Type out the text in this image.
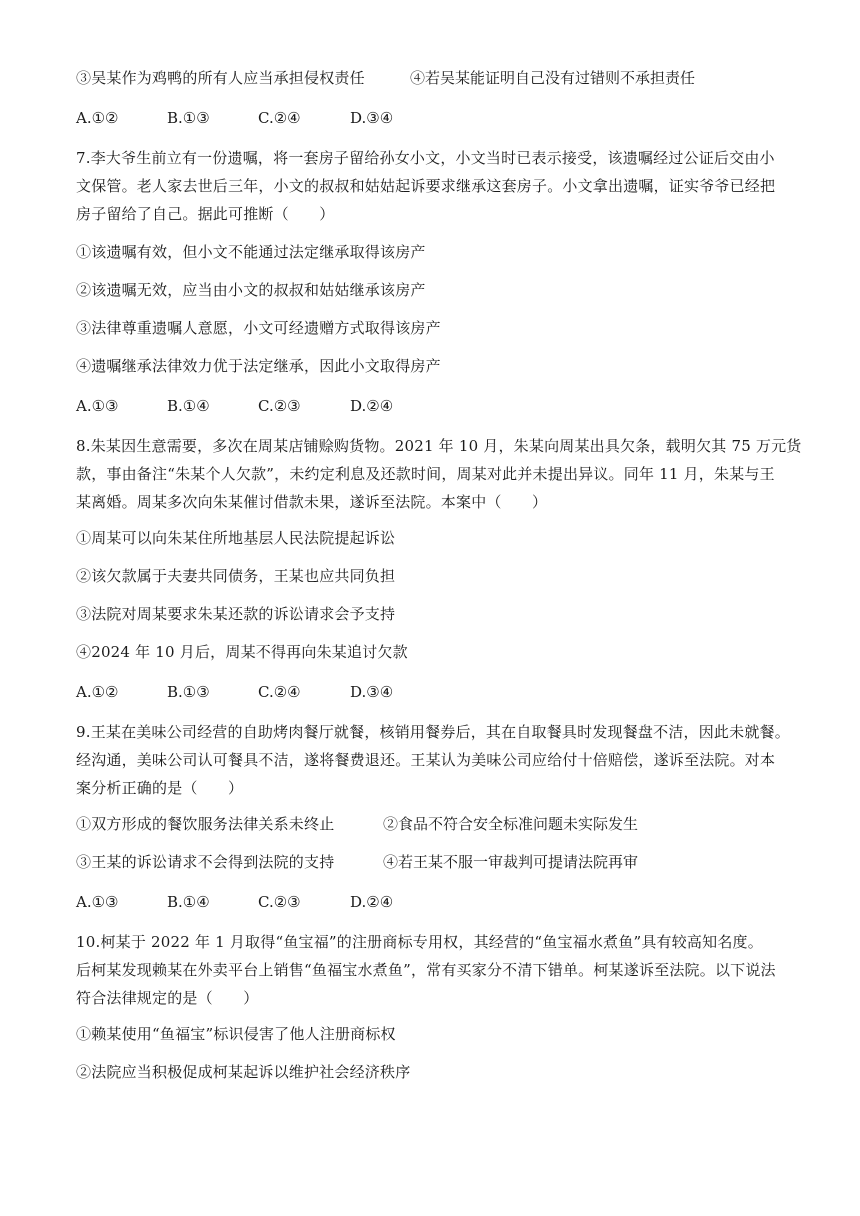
③吴某作为鸡鸭的所有人应当承担侵权责任	④若吴某能证明自己没有过错则不承担责任
A.①②	B.①③	C.②④	D.③④
7.李大爷生前立有一份遗嘱，将一套房子留给孙女小文，小文当时已表示接受，该遗嘱经过公证后交由小
文保管。老人家去世后三年，小文的叔叔和姑姑起诉要求继承这套房子。小文拿出遗嘱，证实爷爷已经把
房子留给了自己。据此可推断（　　）
①该遗嘱有效，但小文不能通过法定继承取得该房产
②该遗嘱无效，应当由小文的叔叔和姑姑继承该房产
③法律尊重遗嘱人意愿，小文可经遗赠方式取得该房产
④遗嘱继承法律效力优于法定继承，因此小文取得房产
A.①③	B.①④	C.②③	D.②④
8.朱某因生意需要，多次在周某店铺赊购货物。2021 年 10 月，朱某向周某出具欠条，载明欠其 75 万元货
款，事由备注“朱某个人欠款”，未约定利息及还款时间，周某对此并未提出异议。同年 11 月，朱某与王
某离婚。周某多次向朱某催讨借款未果，遂诉至法院。本案中（　　）
①周某可以向朱某住所地基层人民法院提起诉讼
②该欠款属于夫妻共同债务，王某也应共同负担
③法院对周某要求朱某还款的诉讼请求会予支持
④2024 年 10 月后，周某不得再向朱某追讨欠款
A.①②	B.①③	C.②④	D.③④
9.王某在美味公司经营的自助烤肉餐厅就餐，核销用餐券后，其在自取餐具时发现餐盘不洁，因此未就餐。
经沟通，美味公司认可餐具不洁，遂将餐费退还。王某认为美味公司应给付十倍赔偿，遂诉至法院。对本
案分析正确的是（　　）
①双方形成的餐饮服务法律关系未终止	②食品不符合安全标准问题未实际发生
③王某的诉讼请求不会得到法院的支持	④若王某不服一审裁判可提请法院再审
A.①③	B.①④	C.②③	D.②④
10.柯某于 2022 年 1 月取得“鱼宝福”的注册商标专用权，其经营的“鱼宝福水煮鱼”具有较高知名度。
后柯某发现赖某在外卖平台上销售“鱼福宝水煮鱼”，常有买家分不清下错单。柯某遂诉至法院。以下说法
符合法律规定的是（　　）
①赖某使用“鱼福宝”标识侵害了他人注册商标权
②法院应当积极促成柯某起诉以维护社会经济秩序
